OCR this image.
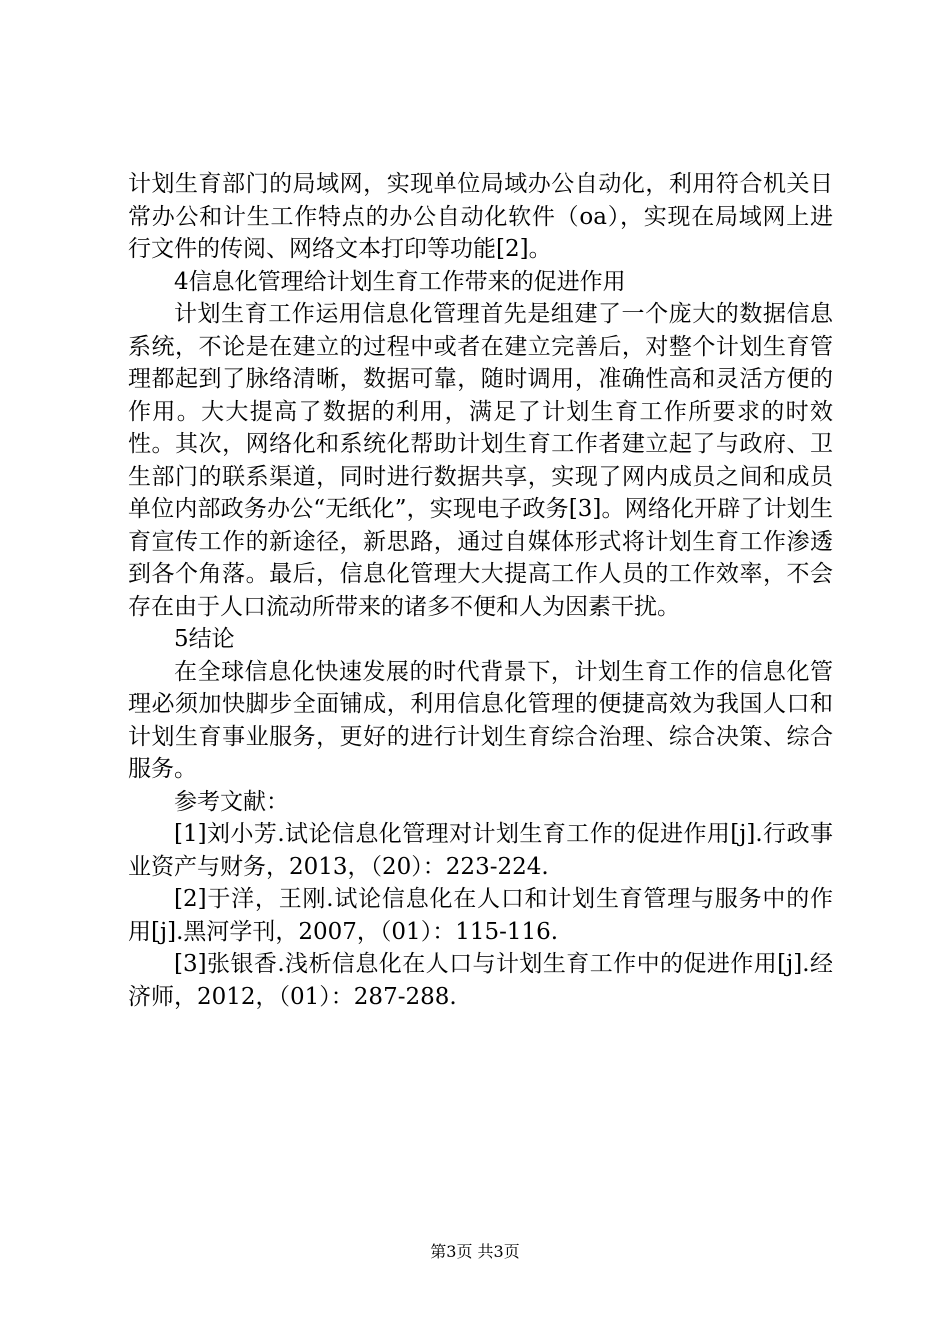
计划生育部门的局域网，实现单位局域办公自动化，利用符合机关日常办公和计生工作特点的办公自动化软件（oa），实现在局域网上进行文件的传阅、网络文本打印等功能[2]。

4信息化管理给计划生育工作带来的促进作用

计划生育工作运用信息化管理首先是组建了一个庞大的数据信息系统，不论是在建立的过程中或者在建立完善后，对整个计划生育管理都起到了脉络清晰，数据可靠，随时调用，准确性高和灵活方便的作用。大大提高了数据的利用，满足了计划生育工作所要求的时效性。其次，网络化和系统化帮助计划生育工作者建立起了与政府、卫生部门的联系渠道，同时进行数据共享，实现了网内成员之间和成员单位内部政务办公“无纸化”，实现电子政务[3]。网络化开辟了计划生育宣传工作的新途径，新思路，通过自媒体形式将计划生育工作渗透到各个角落。最后，信息化管理大大提高工作人员的工作效率，不会存在由于人口流动所带来的诸多不便和人为因素干扰。

5结论

在全球信息化快速发展的时代背景下，计划生育工作的信息化管理必须加快脚步全面铺成，利用信息化管理的便捷高效为我国人口和计划生育事业服务，更好的进行计划生育综合治理、综合决策、综合服务。

参考文献：

[1]刘小芳.试论信息化管理对计划生育工作的促进作用[j].行政事业资产与财务，2013，（20）：223-224.

[2]于洋，王刚.试论信息化在人口和计划生育管理与服务中的作用[j].黑河学刊，2007，（01）：115-116.

[3]张银香.浅析信息化在人口与计划生育工作中的促进作用[j].经济师，2012，（01）：287-288.

第3页 共3页
